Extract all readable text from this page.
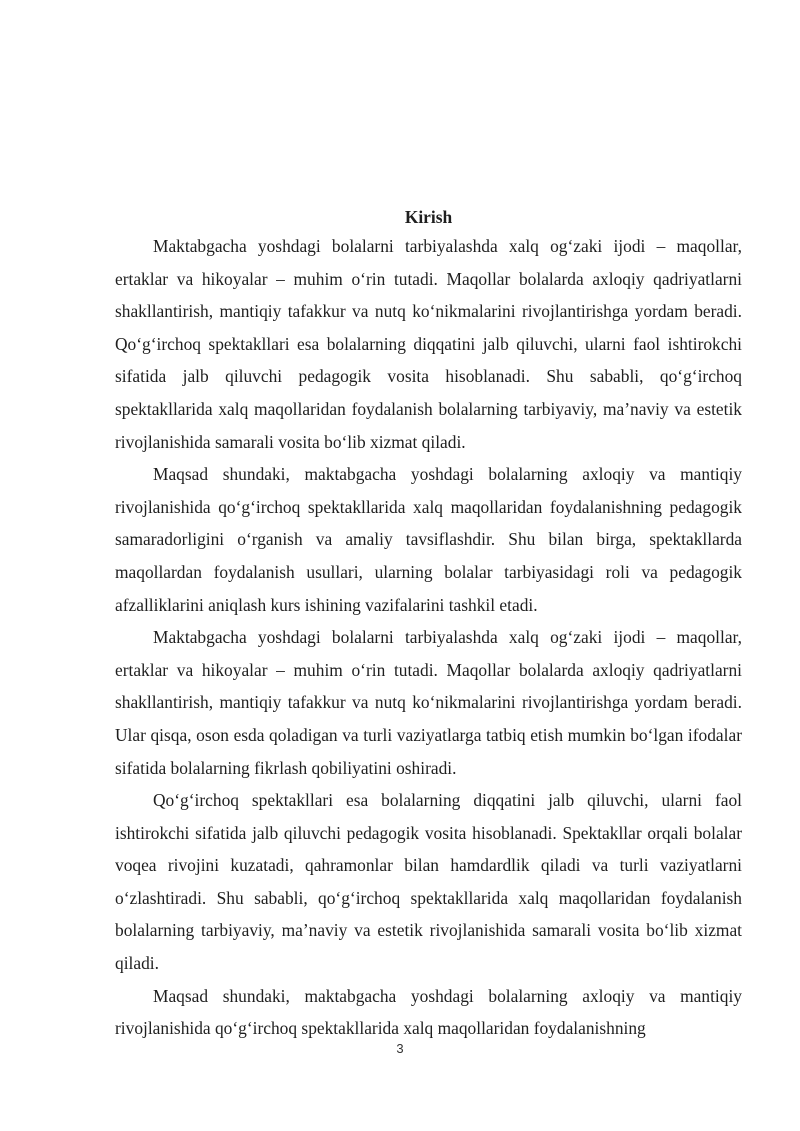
Kirish

Maktabgacha yoshdagi bolalarni tarbiyalashda xalq og‘zaki ijodi – maqollar, ertaklar va hikoyalar – muhim o‘rin tutadi. Maqollar bolalarda axloqiy qadriyatlarni shakllantirish, mantiqiy tafakkur va nutq ko‘nikmalarini rivojlantirishga yordam beradi. Qo‘g‘irchoq spektakllari esa bolalarning diqqatini jalb qiluvchi, ularni faol ishtirokchi sifatida jalb qiluvchi pedagogik vosita hisoblanadi. Shu sababli, qo‘g‘irchoq spektakllarida xalq maqollaridan foydalanish bolalarning tarbiyaviy, ma’naviy va estetik rivojlanishida samarali vosita bo‘lib xizmat qiladi.

Maqsad shundaki, maktabgacha yoshdagi bolalarning axloqiy va mantiqiy rivojlanishida qo‘g‘irchoq spektakllarida xalq maqollaridan foydalanishning pedagogik samaradorligini o‘rganish va amaliy tavsiflashdir. Shu bilan birga, spektakllarda maqollardan foydalanish usullari, ularning bolalar tarbiyasidagi roli va pedagogik afzalliklarini aniqlash kurs ishining vazifalarini tashkil etadi.

Maktabgacha yoshdagi bolalarni tarbiyalashda xalq og‘zaki ijodi – maqollar, ertaklar va hikoyalar – muhim o‘rin tutadi. Maqollar bolalarda axloqiy qadriyatlarni shakllantirish, mantiqiy tafakkur va nutq ko‘nikmalarini rivojlantirishga yordam beradi. Ular qisqa, oson esda qoladigan va turli vaziyatlarga tatbiq etish mumkin bo‘lgan ifodalar sifatida bolalarning fikrlash qobiliyatini oshiradi.

Qo‘g‘irchoq spektakllari esa bolalarning diqqatini jalb qiluvchi, ularni faol ishtirokchi sifatida jalb qiluvchi pedagogik vosita hisoblanadi. Spektakllar orqali bolalar voqea rivojini kuzatadi, qahramonlar bilan hamdardlik qiladi va turli vaziyatlarni o‘zlashtiradi. Shu sababli, qo‘g‘irchoq spektakllarida xalq maqollaridan foydalanish bolalarning tarbiyaviy, ma’naviy va estetik rivojlanishida samarali vosita bo‘lib xizmat qiladi.

Maqsad shundaki, maktabgacha yoshdagi bolalarning axloqiy va mantiqiy rivojlanishida qo‘g‘irchoq spektakllarida xalq maqollaridan foydalanishning

3
